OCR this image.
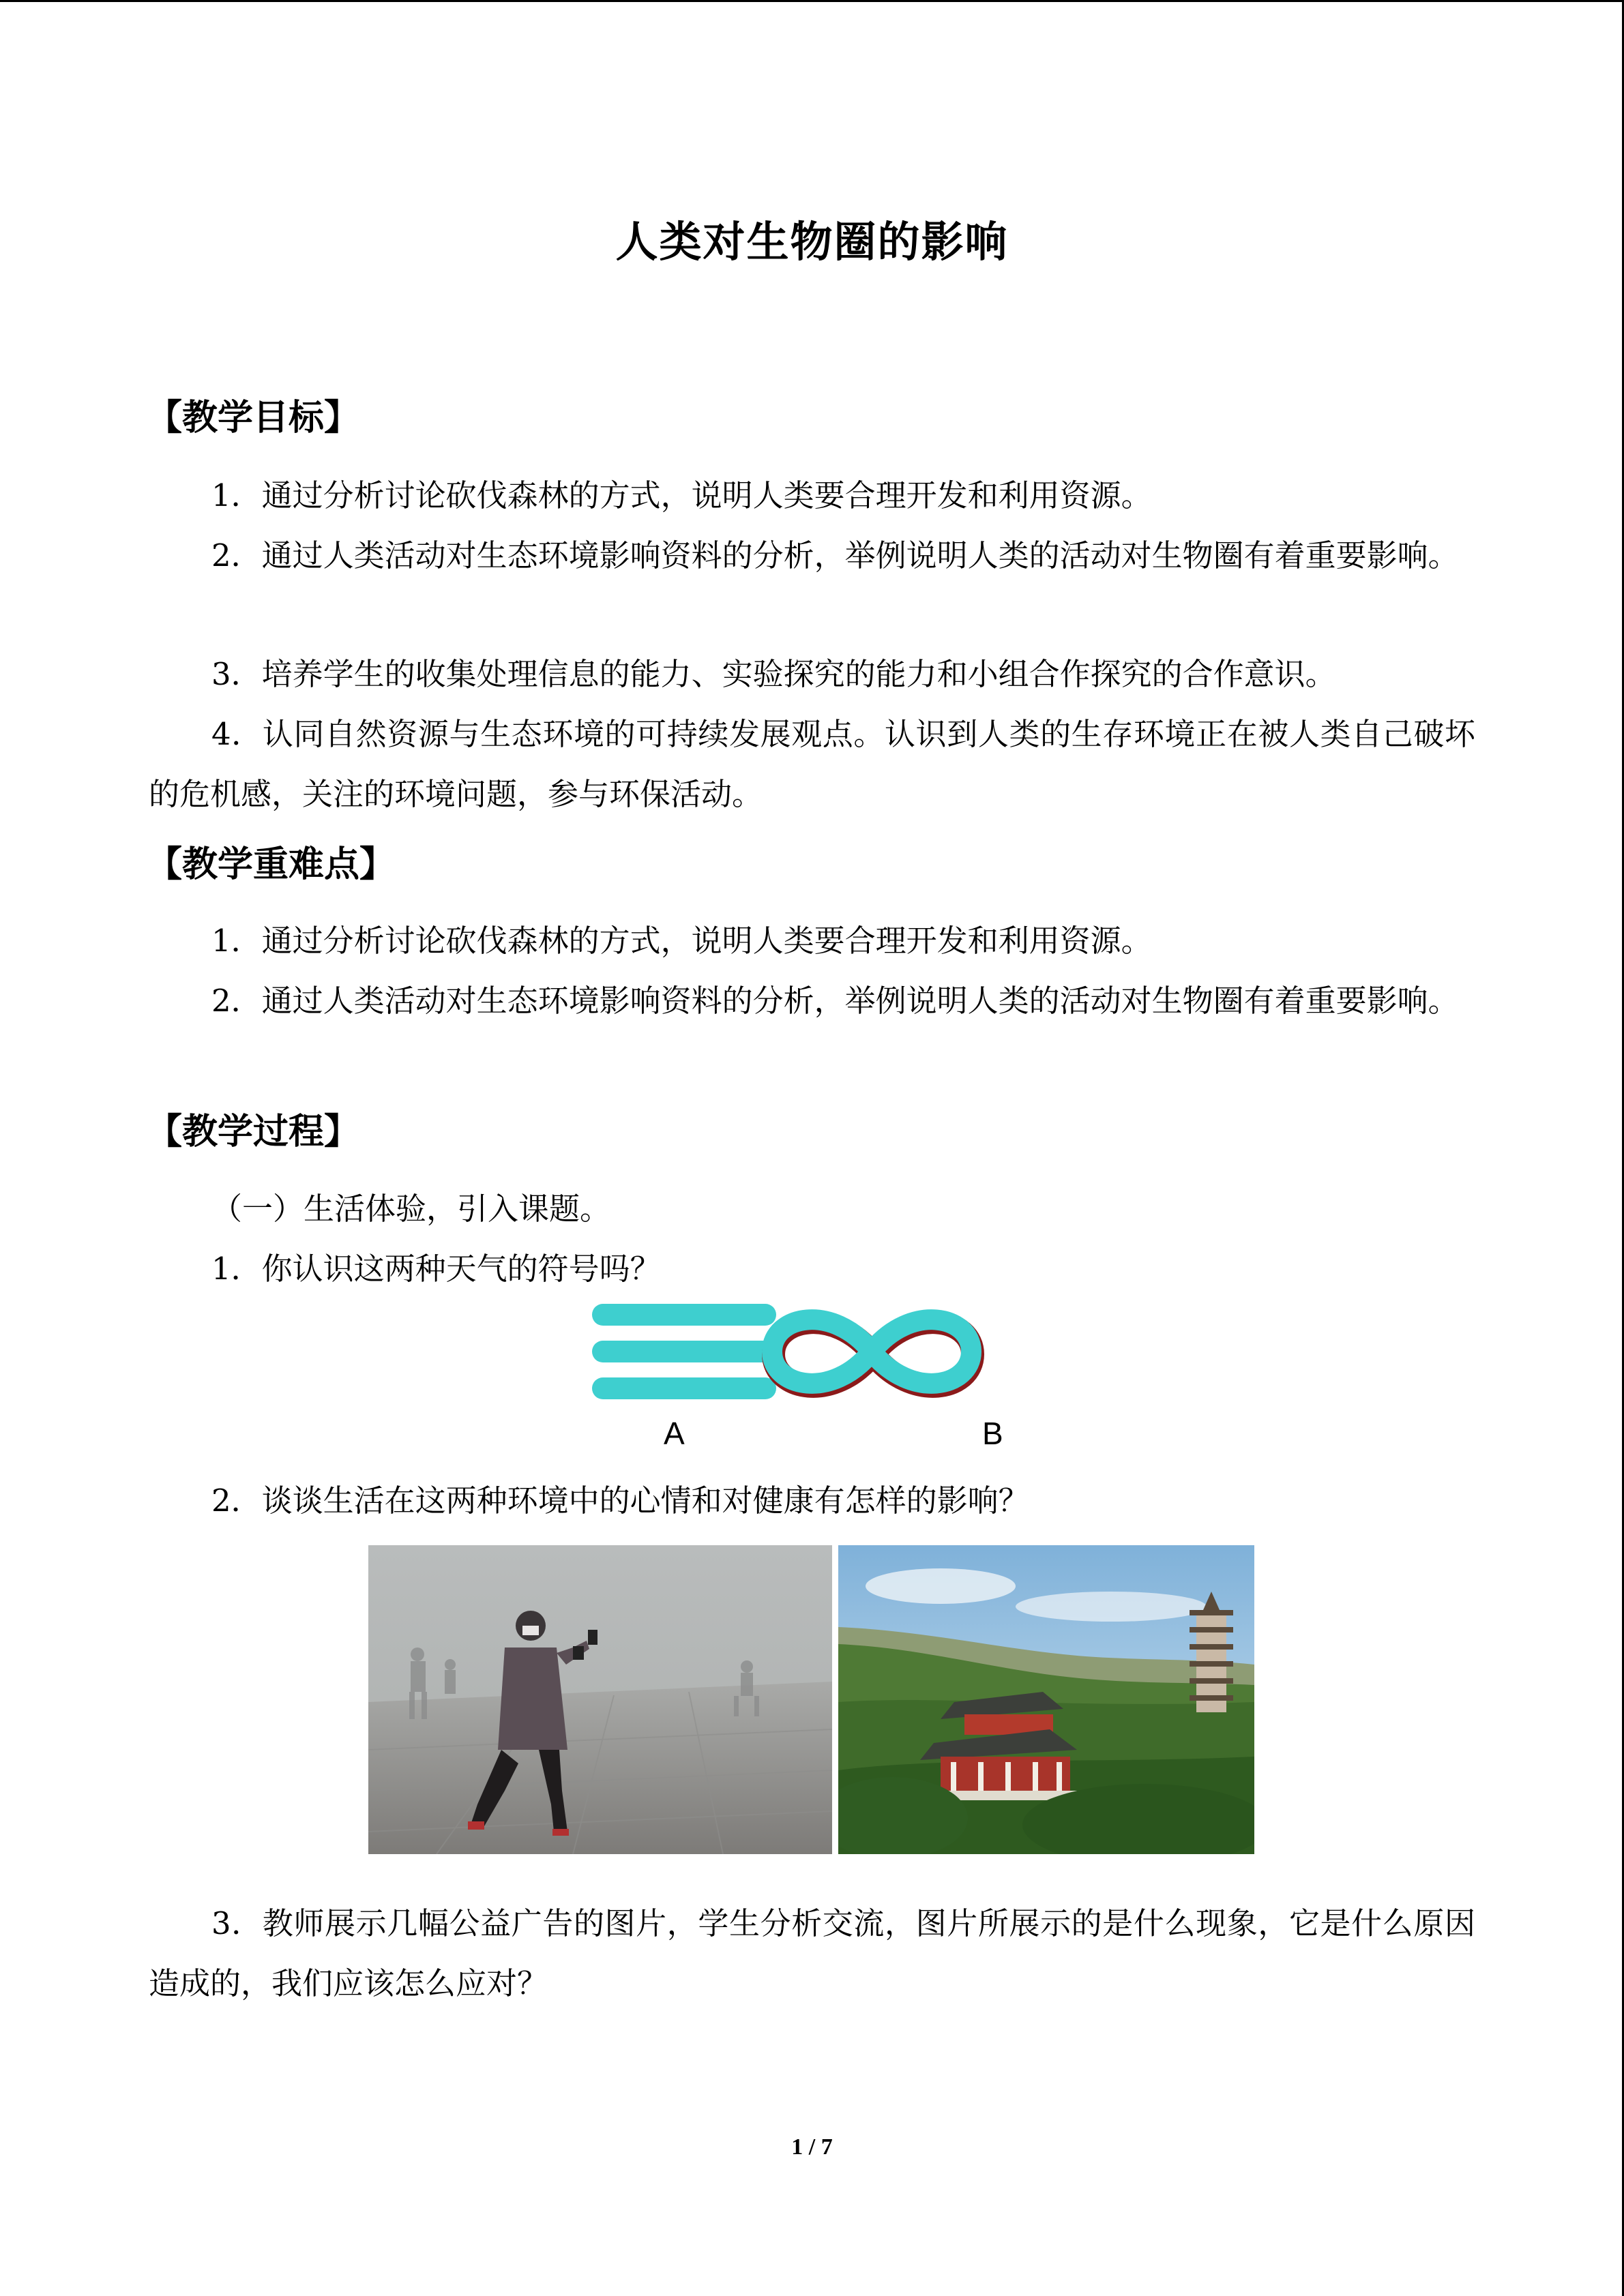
人类对生物圈的影响
【教学目标】
1．通过分析讨论砍伐森林的方式，说明人类要合理开发和利用资源。
2．通过人类活动对生态环境影响资料的分析，举例说明人类的活动对生物圈有着重要影响。
3．培养学生的收集处理信息的能力、实验探究的能力和小组合作探究的合作意识。
4．认同自然资源与生态环境的可持续发展观点。认识到人类的生存环境正在被人类自己破坏的危机感，关注的环境问题，参与环保活动。
【教学重难点】
1．通过分析讨论砍伐森林的方式，说明人类要合理开发和利用资源。
2．通过人类活动对生态环境影响资料的分析，举例说明人类的活动对生物圈有着重要影响。
【教学过程】
（一）生活体验，引入课题。
1．你认识这两种天气的符号吗？
A	B
2．谈谈生活在这两种环境中的心情和对健康有怎样的影响？
3．教师展示几幅公益广告的图片，学生分析交流，图片所展示的是什么现象，它是什么原因造成的，我们应该怎么应对？
1 / 7
